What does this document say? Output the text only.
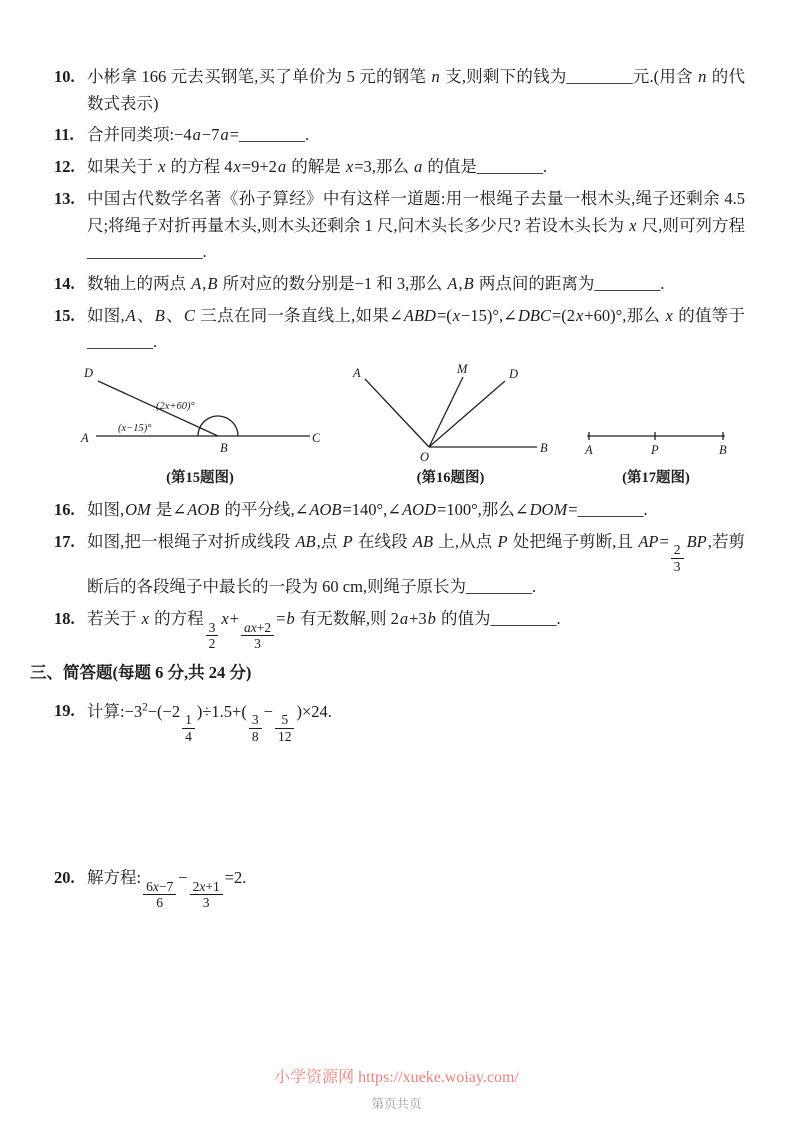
10. 小彬拿 166 元去买钢笔,买了单价为 5 元的钢笔 n 支,则剩下的钱为________元.(用含 n 的代数式表示)
11. 合并同类项:−4a−7a=________.
12. 如果关于 x 的方程 4x=9+2a 的解是 x=3,那么 a 的值是________.
13. 中国古代数学名著《孙子算经》中有这样一道题:用一根绳子去量一根木头,绳子还剩余 4.5 尺;将绳子对折再量木头,则木头还剩余 1 尺,问木头长多少尺? 若设木头长为 x 尺,则可列方程______________.
14. 数轴上的两点 A,B 所对应的数分别是−1 和 3,那么 A,B 两点间的距离为________.
15. 如图,A、B、C 三点在同一条直线上,如果∠ABD=(x−15)°,∠DBC=(2x+60)°,那么 x 的值等于________.
D
A
B
C
(x−15)°
(2x+60)°
(第15题图)
A	M	D
O
B
(第16题图)
A	P	B
(第17题图)
16. 如图,OM 是∠AOB 的平分线,∠AOB=140°,∠AOD=100°,那么∠DOM=________.
17. 如图,把一根绳子对折成线段 AB,点 P 在线段 AB 上,从点 P 处把绳子剪断,且 AP=
$\frac{2}{3}$
BP,若剪断后的各段绳子中最长的一段为 60 cm,则绳子原长为________.
18. 若关于 x 的方程
$\frac{3}{2}$
x+
$\frac{ax+2}{3}$
=b 有无数解,则 2a+3b 的值为________.
三、简答题(每题 6 分,共 24 分)
19. 计算$:-3^2-(-2$
$\frac{1}{4}$
)÷1.5+(
$\frac{3}{8}$
−
$\frac{5}{12}$
)×24.
20. 解方程:
$\frac{6x-7}{6}$
−
$\frac{2x+1}{3}$
=2.
小学资源网 https://xueke.woiay.com/
第页共页
